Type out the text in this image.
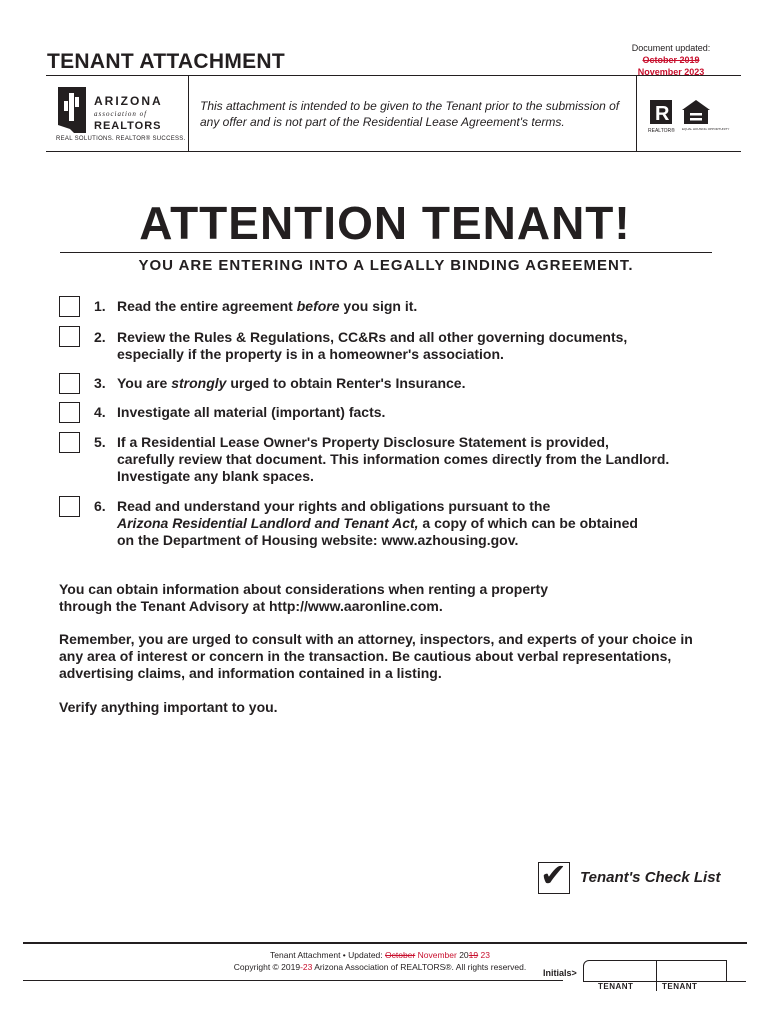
TENANT ATTACHMENT
Document updated:
October 2019
November 2023
ARIZONA
association of
REALTORS
REAL SOLUTIONS. REALTOR® SUCCESS.
This attachment is intended to be given to the Tenant prior to the submission of any offer and is not part of the Residential Lease Agreement's terms.	R
REALTOR® EQUAL HOUSING OPPORTUNITY
ATTENTION TENANT!
YOU ARE ENTERING INTO A LEGALLY BINDING AGREEMENT.
1. Read the entire agreement before you sign it.
2. Review the Rules & Regulations, CC&Rs and all other governing documents,
especially if the property is in a homeowner's association.
3. You are strongly urged to obtain Renter's Insurance.
4. Investigate all material (important) facts.
5. If a Residential Lease Owner's Property Disclosure Statement is provided,
carefully review that document. This information comes directly from the Landlord.
Investigate any blank spaces.
6. Read and understand your rights and obligations pursuant to the
Arizona Residential Landlord and Tenant Act, a copy of which can be obtained
on the Department of Housing website: www.azhousing.gov.
You can obtain information about considerations when renting a property through the Tenant Advisory at http://www.aaronline.com.
Remember, you are urged to consult with an attorney, inspectors, and experts of your choice in any area of interest or concern in the transaction. Be cautious about verbal representations, advertising claims, and information contained in a listing.
Verify anything important to you.
✔ Tenant's Check List
Tenant Attachment • Updated: October November 2019 23
Copyright © 2019-23 Arizona Association of REALTORS®. All rights reserved.
Initials>
TENANT	TENANT
